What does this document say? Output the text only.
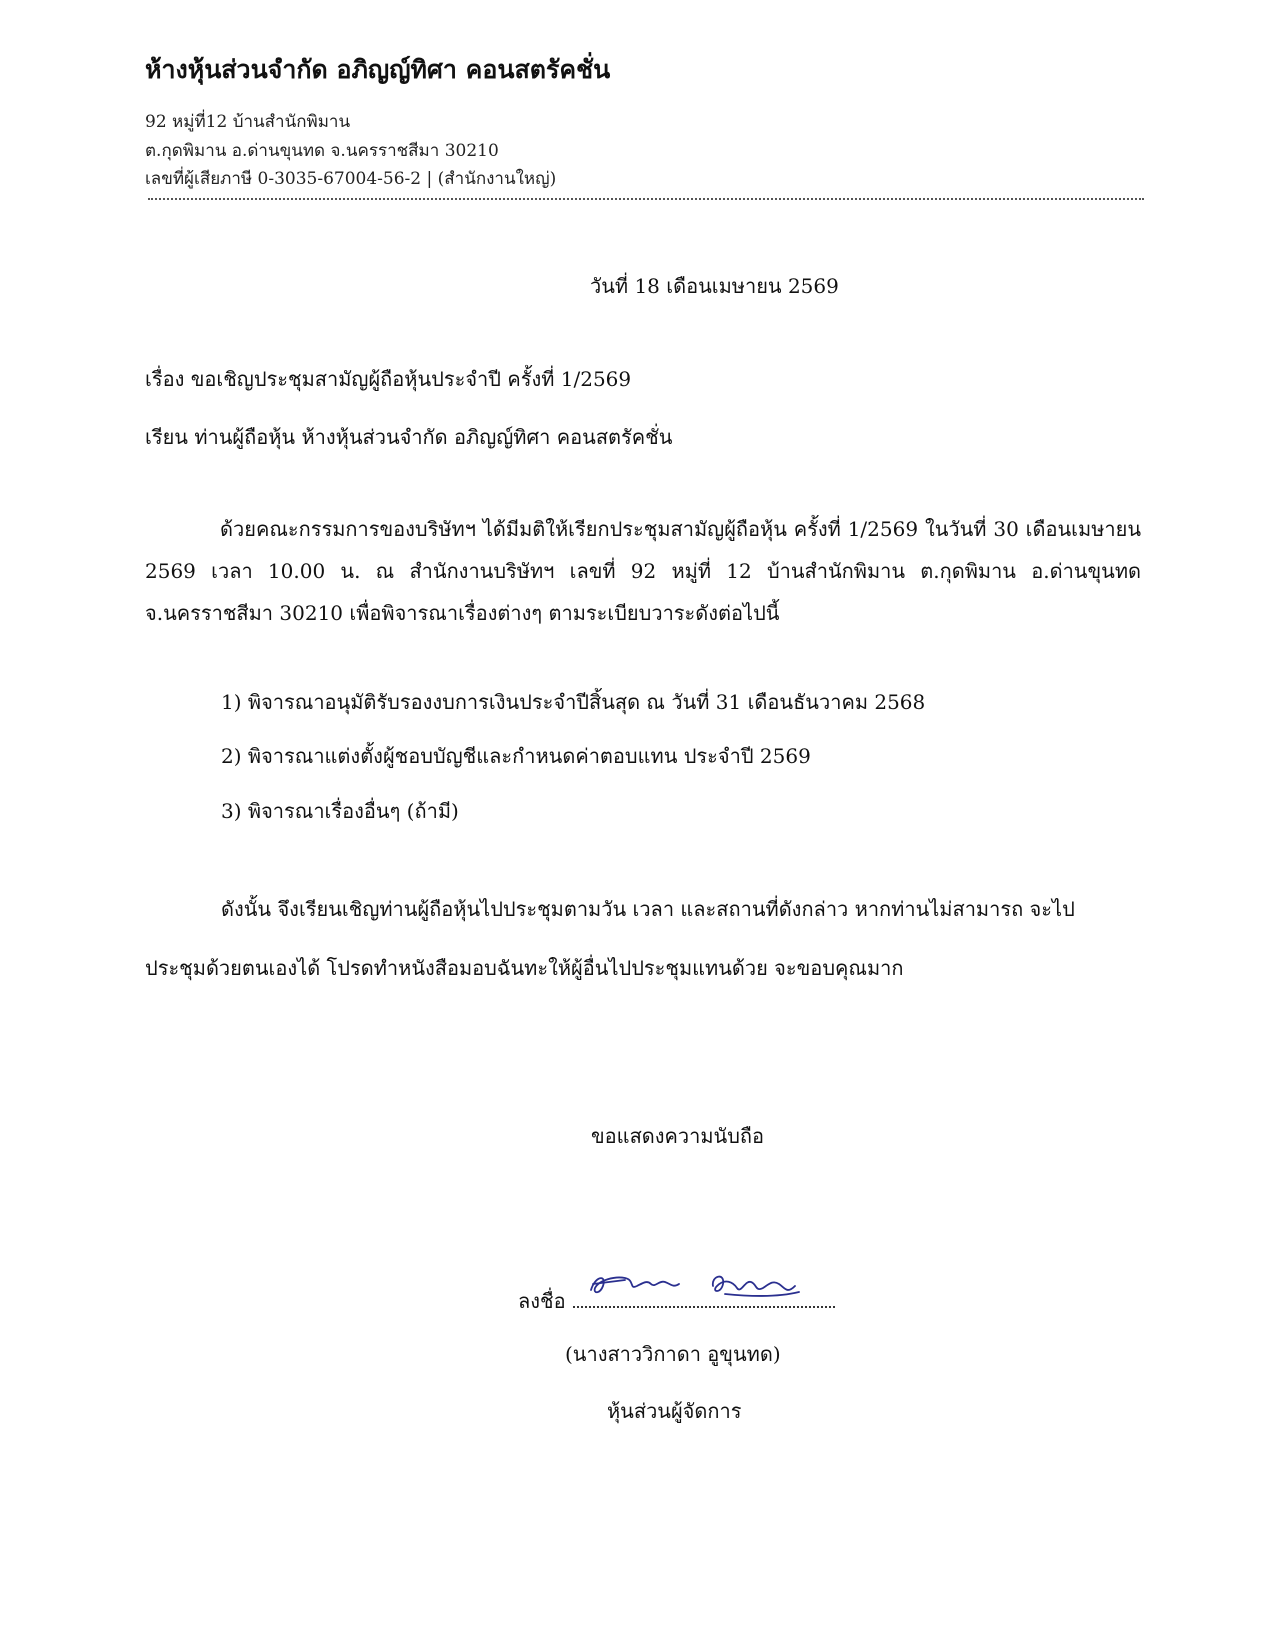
ห้างหุ้นส่วนจำกัด อภิญญ์ทิศา คอนสตรัคชั่น
92 หมู่ที่12 บ้านสำนักพิมาน
ต.กุดพิมาน อ.ด่านขุนทด จ.นครราชสีมา 30210
เลขที่ผู้เสียภาษี 0-3035-67004-56-2 | (สำนักงานใหญ่)
วันที่ 18 เดือนเมษายน 2569
เรื่อง ขอเชิญประชุมสามัญผู้ถือหุ้นประจำปี ครั้งที่ 1/2569
เรียน ท่านผู้ถือหุ้น ห้างหุ้นส่วนจำกัด อภิญญ์ทิศา คอนสตรัคชั่น

ด้วยคณะกรรมการของบริษัทฯ ได้มีมติให้เรียกประชุมสามัญผู้ถือหุ้น ครั้งที่ 1/2569 ในวันที่ 30 เดือนเมษายน 2569 เวลา 10.00 น. ณ สำนักงานบริษัทฯ เลขที่ 92 หมู่ที่ 12 บ้านสำนักพิมาน ต.กุดพิมาน อ.ด่านขุนทด จ.นครราชสีมา 30210 เพื่อพิจารณาเรื่องต่างๆ ตามระเบียบวาระดังต่อไปนี้

1) พิจารณาอนุมัติรับรองงบการเงินประจำปีสิ้นสุด ณ วันที่ 31 เดือนธันวาคม 2568
2) พิจารณาแต่งตั้งผู้ชอบบัญชีและกำหนดค่าตอบแทน ประจำปี 2569
3) พิจารณาเรื่องอื่นๆ (ถ้ามี)
ดังนั้น จึงเรียนเชิญท่านผู้ถือหุ้นไปประชุมตามวัน เวลา และสถานที่ดังกล่าว หากท่านไม่สามารถ จะไป
ประชุมด้วยตนเองได้ โปรดทำหนังสือมอบฉันทะให้ผู้อื่นไปประชุมแทนด้วย จะขอบคุณมาก
ขอแสดงความนับถือ
ลงชื่อ
(นางสาววิกาดา อูขุนทด)
หุ้นส่วนผู้จัดการ
